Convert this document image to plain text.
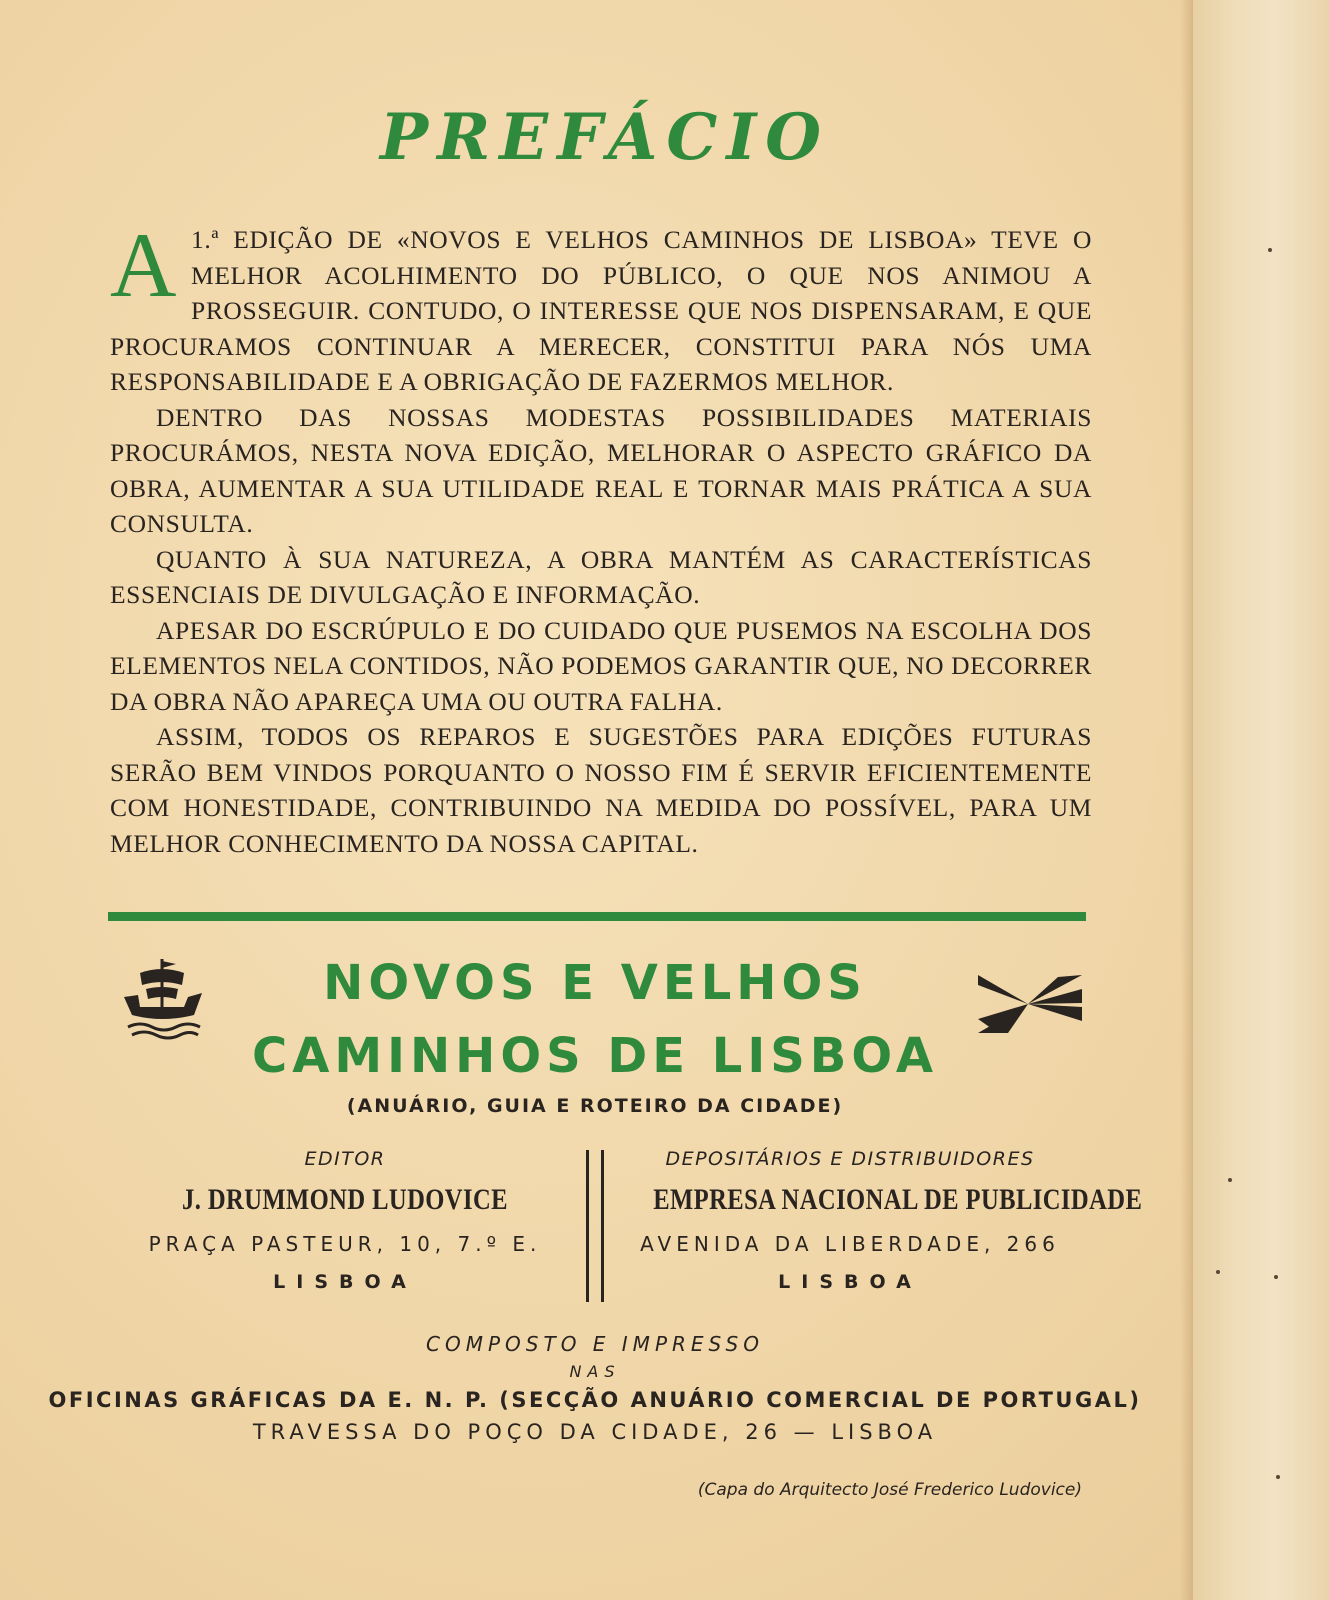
PREFÁCIO

A 1.ª EDIÇÃO DE «NOVOS E VELHOS CAMINHOS DE LISBOA» TEVE O MELHOR ACOLHIMENTO DO PÚBLICO, O QUE NOS ANIMOU A PROSSEGUIR. CONTUDO, O INTERESSE QUE NOS DISPENSARAM, E QUE PROCURAMOS CONTINUAR A MERECER, CONSTITUI PARA NÓS UMA RESPONSABILIDADE E A OBRIGAÇÃO DE FAZERMOS MELHOR.

DENTRO DAS NOSSAS MODESTAS POSSIBILIDADES MATERIAIS PROCURÁMOS, NESTA NOVA EDIÇÃO, MELHORAR O ASPECTO GRÁFICO DA OBRA, AUMENTAR A SUA UTILIDADE REAL E TORNAR MAIS PRÁTICA A SUA CONSULTA.

QUANTO À SUA NATUREZA, A OBRA MANTÉM AS CARACTERÍSTICAS ESSENCIAIS DE DIVULGAÇÃO E INFORMAÇÃO.

APESAR DO ESCRÚPULO E DO CUIDADO QUE PUSEMOS NA ESCOLHA DOS ELEMENTOS NELA CONTIDOS, NÃO PODEMOS GARANTIR QUE, NO DECORRER DA OBRA NÃO APAREÇA UMA OU OUTRA FALHA.

ASSIM, TODOS OS REPAROS E SUGESTÕES PARA EDIÇÕES FUTURAS SERÃO BEM VINDOS PORQUANTO O NOSSO FIM É SERVIR EFICIENTEMENTE COM HONESTIDADE, CONTRIBUINDO NA MEDIDA DO POSSÍVEL, PARA UM MELHOR CONHECIMENTO DA NOSSA CAPITAL.

NOVOS E VELHOS
CAMINHOS DE LISBOA
(ANUÁRIO, GUIA E ROTEIRO DA CIDADE)
EDITOR
J. DRUMMOND LUDOVICE
PRAÇA PASTEUR, 10, 7.º E.
LISBOA
DEPOSITÁRIOS E DISTRIBUIDORES
EMPRESA NACIONAL DE PUBLICIDADE
AVENIDA DA LIBERDADE, 266
LISBOA
COMPOSTO E IMPRESSO
NAS
OFICINAS GRÁFICAS DA E. N. P. (SECÇÃO ANUÁRIO COMERCIAL DE PORTUGAL)
TRAVESSA DO POÇO DA CIDADE, 26 — LISBOA
(Capa do Arquitecto José Frederico Ludovice)
